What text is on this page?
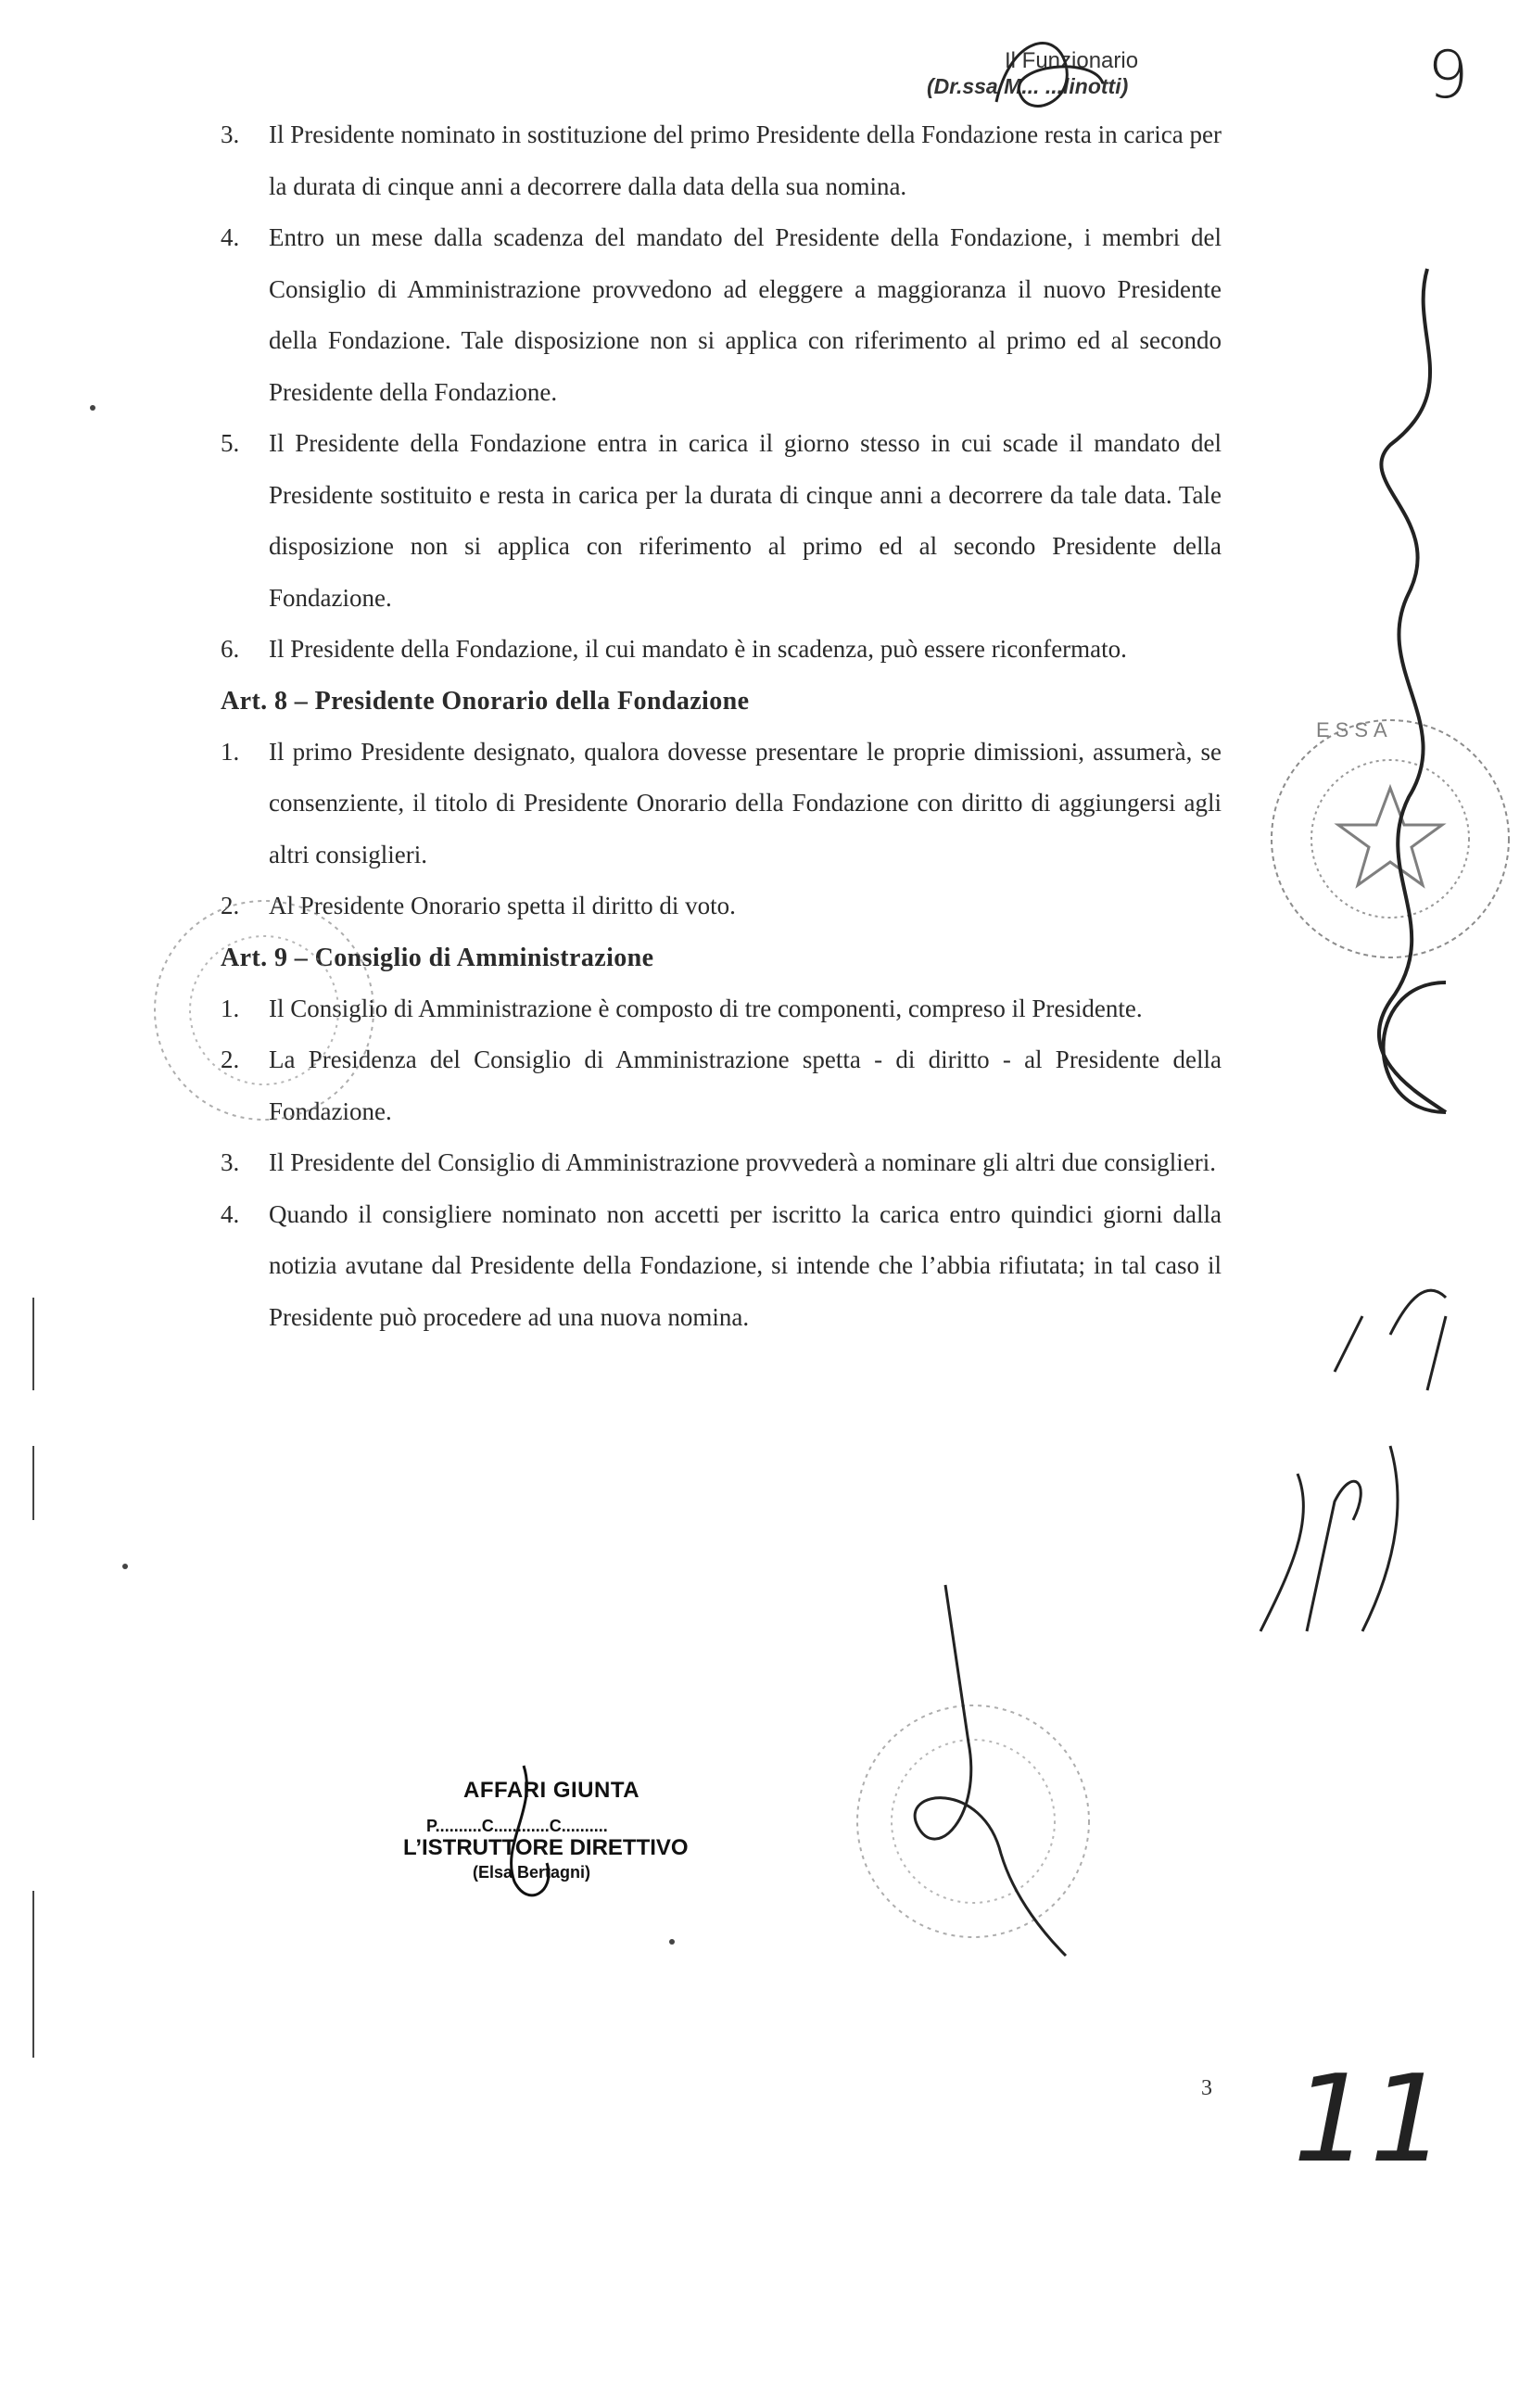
Il Funzionario
(Dr.ssa M... ...linotti)	9

3. Il Presidente nominato in sostituzione del primo Presidente della Fondazione resta in carica per la durata di cinque anni a decorrere dalla data della sua nomina.

4. Entro un mese dalla scadenza del mandato del Presidente della Fondazione, i membri del Consiglio di Amministrazione provvedono ad eleggere a maggioranza il nuovo Presidente della Fondazione. Tale disposizione non si applica con riferimento al primo ed al secondo Presidente della Fondazione.

5. Il Presidente della Fondazione entra in carica il giorno stesso in cui scade il mandato del Presidente sostituito e resta in carica per la durata di cinque anni a decorrere da tale data. Tale disposizione non si applica con riferimento al primo ed al secondo Presidente della Fondazione.

6. Il Presidente della Fondazione, il cui mandato è in scadenza, può essere riconfermato.

Art. 8 – Presidente Onorario della Fondazione

1. Il primo Presidente designato, qualora dovesse presentare le proprie dimissioni, assumerà, se consenziente, il titolo di Presidente Onorario della Fondazione con diritto di aggiungersi agli altri consiglieri.

2. Al Presidente Onorario spetta il diritto di voto.

Art. 9 – Consiglio di Amministrazione

1. Il Consiglio di Amministrazione è composto di tre componenti, compreso il Presidente.

2. La Presidenza del Consiglio di Amministrazione spetta - di diritto - al Presidente della Fondazione.

3. Il Presidente del Consiglio di Amministrazione provvederà a nominare gli altri due consiglieri.

4. Quando il consigliere nominato non accetti per iscritto la carica entro quindici giorni dalla notizia avutane dal Presidente della Fondazione, si intende che l’abbia rifiutata; in tal caso il Presidente può procedere ad una nuova nomina.

AFFARI GIUNTA
P..........C............C..........
L’ISTRUTTORE DIRETTIVO
(Elsa Bertagni)
3 11
ESSA
